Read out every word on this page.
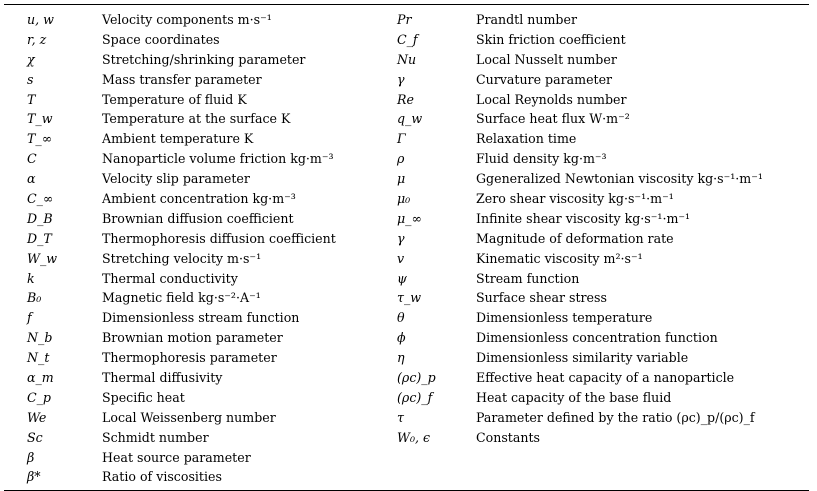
u, w	Velocity components m·s⁻¹	Pr	Prandtl number
r, z	Space coordinates	C_f	Skin friction coefficient
χ	Stretching/shrinking parameter	Nu	Local Nusselt number
s	Mass transfer parameter	γ	Curvature parameter
T	Temperature of fluid K	Re	Local Reynolds number
T_w	Temperature at the surface K	q_w	Surface heat flux W·m⁻²
T_∞	Ambient temperature K	Γ	Relaxation time
C	Nanoparticle volume friction kg·m⁻³	ρ	Fluid density kg·m⁻³
α	Velocity slip parameter	μ	Ggeneralized Newtonian viscosity kg·s⁻¹·m⁻¹
C_∞	Ambient concentration kg·m⁻³	μ₀	Zero shear viscosity kg·s⁻¹·m⁻¹
D_B	Brownian diffusion coefficient	μ_∞	Infinite shear viscosity kg·s⁻¹·m⁻¹
D_T	Thermophoresis diffusion coefficient	γ	Magnitude of deformation rate
W_w	Stretching velocity m·s⁻¹	v	Kinematic viscosity m²·s⁻¹
k	Thermal conductivity	ψ	Stream function
B₀	Magnetic field kg·s⁻²·A⁻¹	τ_w	Surface shear stress
f	Dimensionless stream function	θ	Dimensionless temperature
N_b	Brownian motion parameter	ϕ	Dimensionless concentration function
N_t	Thermophoresis parameter	η	Dimensionless similarity variable
α_m	Thermal diffusivity	(ρc)_p	Effective heat capacity of a nanoparticle
C_p	Specific heat	(ρc)_f	Heat capacity of the base fluid
We	Local Weissenberg number	τ	Parameter defined by the ratio (ρc)_p/(ρc)_f
Sc	Schmidt number	W₀, ϵ	Constants
β	Heat source parameter
β*	Ratio of viscosities
